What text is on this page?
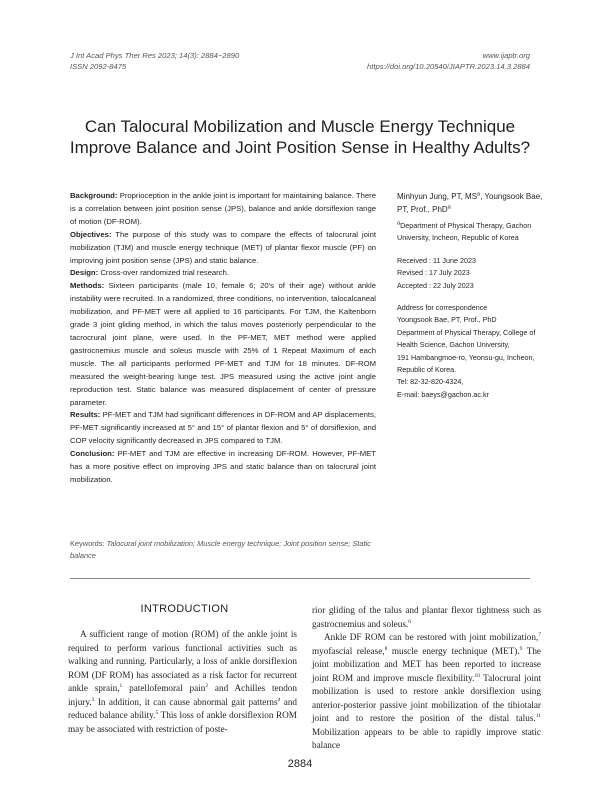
J Int Acad Phys Ther Res 2023; 14(3): 2884~2890
ISSN 2092-8475
www.ijaptr.org
https://doi.org/10.20540/JIAPTR.2023.14.3.2884
Can Talocural Mobilization and Muscle Energy Technique
Improve Balance and Joint Position Sense in Healthy Adults?

Background: Proprioception in the ankle joint is important for maintaining balance. There is a correlation between joint position sense (JPS), balance and ankle dorsiflexion range of motion (DF-ROM).

Objectives: The purpose of this study was to compare the effects of talocrural joint mobilization (TJM) and muscle energy technique (MET) of plantar flexor muscle (PF) on improving joint position sense (JPS) and static balance.

Design: Cross-over randomized trial research.

Methods: Sixteen participants (male 10, female 6; 20's of their age) without ankle instability were recruited. In a randomized, three conditions, no intervention, talocalcaneal mobilization, and PF-MET were all applied to 16 participants. For TJM, the Kaltenborn grade 3 joint gliding method, in which the talus moves posteriorly perpendicular to the tacrocrural joint plane, were used. In the PF-MET, MET method were applied gastrocnemius muscle and soleus muscle with 25% of 1 Repeat Maximum of each muscle. The all participants performed PF-MET and TJM for 18 minutes. DF-ROM measured the weight-bearing lunge test. JPS measured using the active joint angle reproduction test. Static balance was measured displacement of center of pressure parameter.

Results: PF-MET and TJM had significant differences in DF-ROM and AP displacements, PF-MET significantly increased at 5° and 15° of plantar flexion and 5° of dorsiflexion, and COP velocity significantly decreased in JPS compared to TJM.

Conclusion: PF-MET and TJM are effective in increasing DF-ROM. However, PF-MET has a more positive effect on improving JPS and static balance than on talocrural joint mobilization.

Minhyun Jung, PT, $MS^a$, Youngsook Bae, PT, Prof., PhD$^a$

$^a$Department of Physical Therapy, Gachon University, Incheon, Republic of Korea

Received : 11 June 2023

Revised : 17 July 2023

Accepted : 22 July 2023

Address for correspondence

Youngsook Bae, PT, Prof., PhD

Department of Physical Therapy, College of Health Science, Gachon University,

191 Hambangmoe-ro, Yeonsu-gu, Incheon, Republic of Korea.

Tel: 82-32-820-4324,

E-mail: baeys@gachon.ac.kr

Keywords: Talocural joint mobilization; Muscle energy technique; Joint position sense; Static balance
INTRODUCTION

A sufficient range of motion (ROM) of the ankle joint is required to perform various functional activities such as walking and running. Particularly, a loss of ankle dorsiflexion ROM (DF ROM) has associated as a risk factor for recurrent ankle sprain,$^1$ patellofemoral pain$^2$ and Achilles tendon injury.$^3$ In addition, it can cause abnormal gait patterns$^4$ and reduced balance ability.$^5$ This loss of ankle dorsiflexion ROM may be associated with restriction of poste-

rior gliding of the talus and plantar flexor tightness such as gastrocnemius and soleus.$^6$

Ankle DF ROM can be restored with joint mobilization,$^7$ myofascial release,$^8$ muscle energy technique (MET).$^9$ The joint mobilization and MET has been reported to increase joint ROM and improve muscle flexibility.$^{10}$ Talocrural joint mobilization is used to restore ankle dorsiflexion using anterior-posterior passive joint mobilization of the tibiotalar joint and to restore the position of the distal talus.$^{11}$ Mobilization appears to be able to rapidly improve static balance

2884
